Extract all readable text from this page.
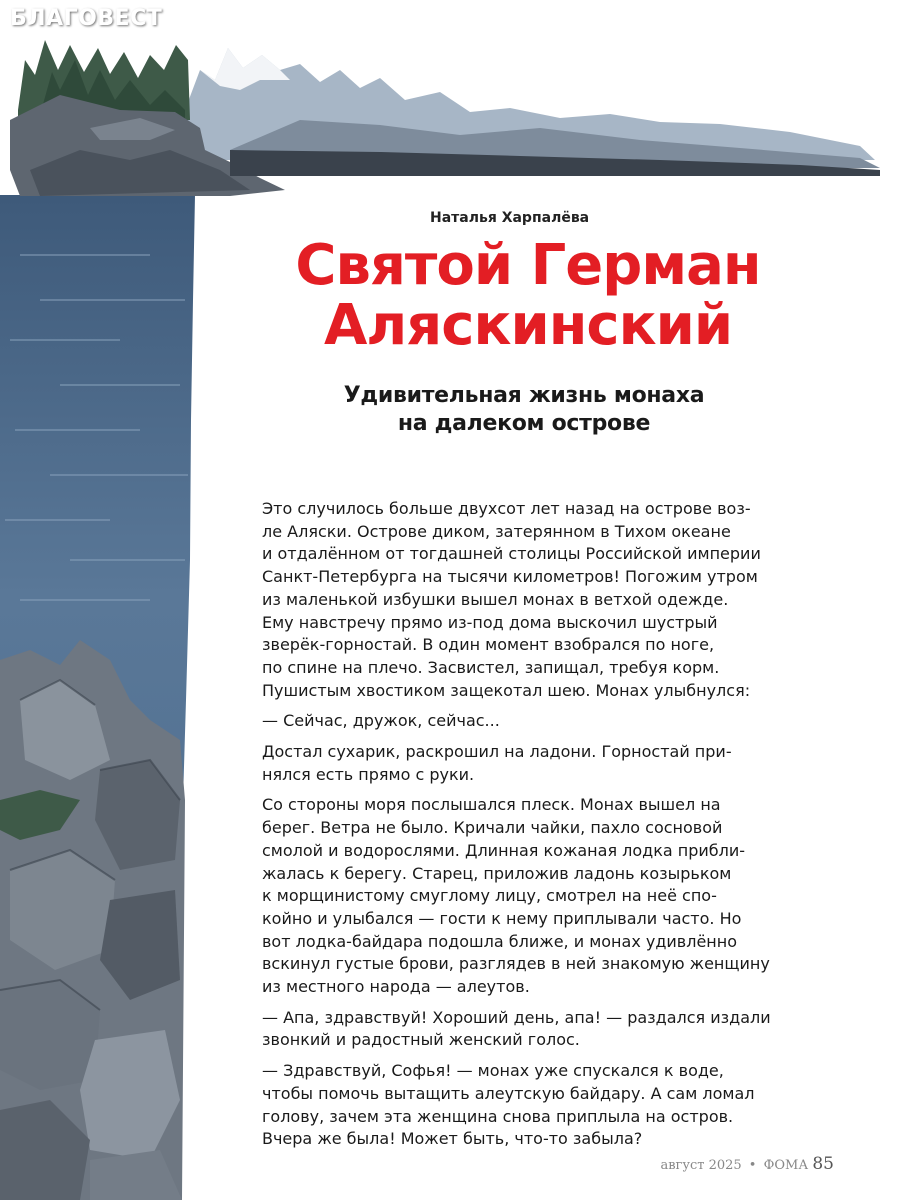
БЛАГОВЕСТ
Наталья Харпалёва
Святой Герман
Аляскинский
Удивительная жизнь монаха
на далеком острове

Это случилось больше двухсот лет назад на острове воз-
ле Аляски. Острове диком, затерянном в Тихом океане
и отдалённом от тогдашней столицы Российской империи
Санкт-Петербурга на тысячи километров! Погожим утром
из маленькой избушки вышел монах в ветхой одежде.
Ему навстречу прямо из-под дома выскочил шустрый
зверёк-горностай. В один момент взобрался по ноге,
по спине на плечо. Засвистел, запищал, требуя корм.
Пушистым хвостиком защекотал шею. Монах улыбнулся:

— Сейчас, дружок, сейчас...

Достал сухарик, раскрошил на ладони. Горностай при-
нялся есть прямо с руки.

Со стороны моря послышался плеск. Монах вышел на
берег. Ветра не было. Кричали чайки, пахло сосновой
смолой и водорослями. Длинная кожаная лодка прибли-
жалась к берегу. Старец, приложив ладонь козырьком
к морщинистому смуглому лицу, смотрел на неё спо-
койно и улыбался — гости к нему приплывали часто. Но
вот лодка-байдара подошла ближе, и монах удивлённо
вскинул густые брови, разглядев в ней знакомую женщину
из местного народа — алеутов.

— Апа, здравствуй! Хороший день, апа! — раздался издали
звонкий и радостный женский голос.

— Здравствуй, Софья! — монах уже спускался к воде,
чтобы помочь вытащить алеутскую байдару. А сам ломал
голову, зачем эта женщина снова приплыла на остров.
Вчера же была! Может быть, что-то забыла?

август 2025 • ФОМА 85
